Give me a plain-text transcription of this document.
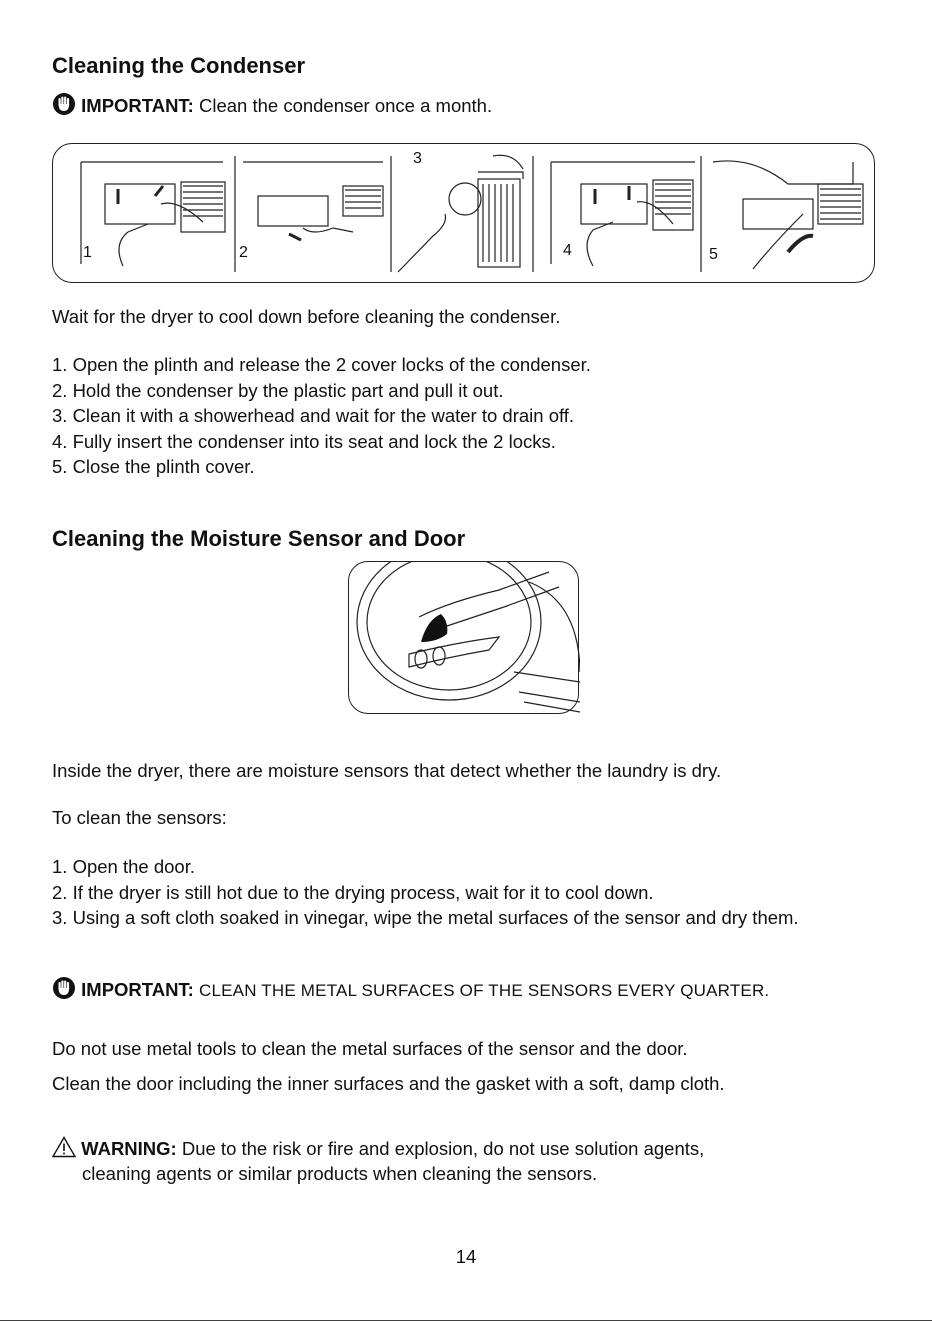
Cleaning the Condenser
IMPORTANT: Clean the condenser once a month.
1	2
3
4	5
Wait for the dryer to cool down before cleaning the condenser.
1. Open the plinth and release the 2 cover locks of the condenser.
2. Hold the condenser by the plastic part and pull it out.
3. Clean it with a showerhead and wait for the water to drain off.
4. Fully insert the condenser into its seat and lock the 2 locks.
5. Close the plinth cover.
Cleaning the Moisture Sensor and Door
Inside the dryer, there are moisture sensors that detect whether the laundry is dry.
To clean the sensors:
1. Open the door.
2. If the dryer is still hot due to the drying process, wait for it to cool down.
3. Using a soft cloth soaked in vinegar, wipe the metal surfaces of the sensor and dry them.
IMPORTANT: CLEAN THE METAL SURFACES OF THE SENSORS EVERY QUARTER.
Do not use metal tools to clean the metal surfaces of the sensor and the door.
Clean the door including the inner surfaces and the gasket with a soft, damp cloth.
WARNING: Due to the risk or fire and explosion, do not use solution agents,
cleaning agents or similar products when cleaning the sensors.
14
